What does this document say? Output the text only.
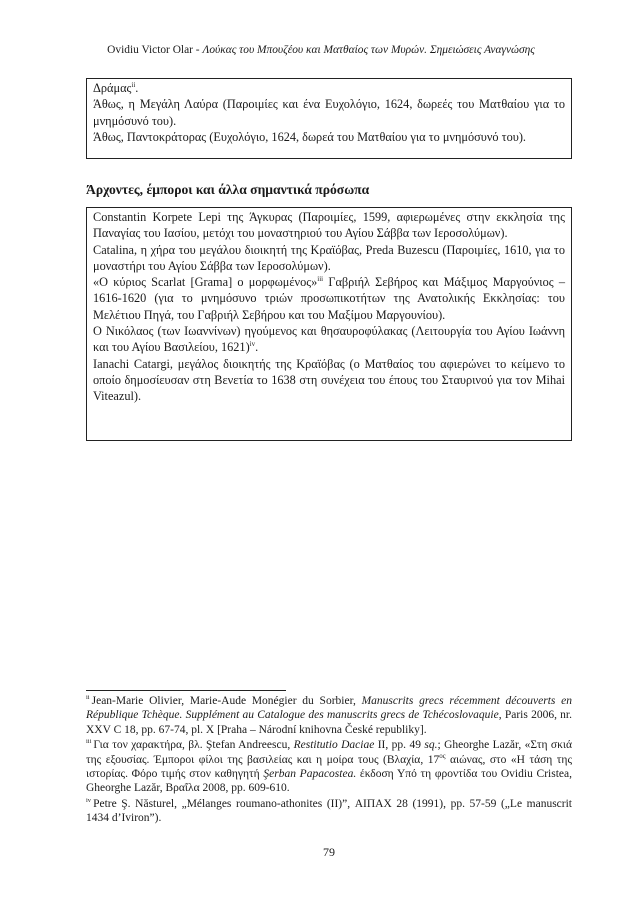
Ovidiu Victor Olar - Λούκας του Μπουζέου και Ματθαίος των Μυρών. Σημειώσεις Αναγνώσης

Δράμας$^{ii}$.

Άθως, η Μεγάλη Λαύρα (Παροιμίες και ένα Ευχολόγιο, 1624, δωρεές του Ματθαίου για το μνημόσυνό του).

Άθως, Παντοκράτορας (Ευχολόγιο, 1624, δωρεά του Ματθαίου για το μνημόσυνό του).

Άρχοντες, έμποροι και άλλα σημαντικά πρόσωπα

Constantin Korpete Lepi της Άγκυρας (Παροιμίες, 1599, αφιερωμένες στην εκκλησία της Παναγίας του Ιασίου, μετόχι του μοναστηριού του Αγίου Σάββα των Ιεροσολύμων).

Catalina, η χήρα του μεγάλου διοικητή της Κραϊόβας, Preda Buzescu (Παροιμίες, 1610, για το μοναστήρι του Αγίου Σάββα των Ιεροσολύμων).

«Ο κύριος Scarlat [Grama] ο μορφωμένος»$^{iii}$ Γαβριήλ Σεβήρος και Μάξιμος Μαργούνιος – 1616-1620 (για το μνημόσυνο τριών προσωπικοτήτων της Ανατολικής Εκκλησίας: του Μελέτιου Πηγά, του Γαβριήλ Σεβήρου και του Μαξίμου Μαργουνίου).

Ο Νικόλαος (των Ιωαννίνων) ηγούμενος και θησαυροφύλακας (Λειτουργία του Αγίου Ιωάννη και του Αγίου Βασιλείου, 1621)$^{iv}$.

Ianachi Catargi, μεγάλος διοικητής της Κραϊόβας (ο Ματθαίος του αφιερώνει το κείμενο το οποίο δημοσίευσαν στη Βενετία το 1638 στη συνέχεια του έπους του Σταυρινού για τον Mihai Viteazul).

$^{ii}$ Jean-Marie Olivier, Marie-Aude Monégier du Sorbier, Manuscrits grecs récemment découverts en République Tchèque. Supplément au Catalogue des manuscrits grecs de Tchécoslovaquie, Paris 2006, nr. XXV C 18, pp. 67-74, pl. X [Praha – Národní knihovna České republiky].

$^{iii}$ Για τον χαρακτήρα, βλ. Ştefan Andreescu, Restitutio Daciae II, pp. 49 sq.; Gheorghe Lazăr, «Στη σκιά της εξουσίας. Έμποροι φίλοι της βασιλείας και η μοίρα τους (Βλαχία, $17^{o\varsigma}$ αιώνας, στο «Η τάση της ιστορίας. Φόρο τιμής στον καθηγητή Şerban Papacostea. έκδοση Υπό τη φροντίδα του Ovidiu Cristea, Gheorghe Lazăr, Βραΐλα 2008, pp. 609-610.

$^{iv}$ Petre Ş. Năsturel, „Mélanges roumano-athonites (II)”, ΑΙΠΑΧ 28 (1991), pp. 57-59 („Le manuscrit 1434 d’Iviron”).

79
